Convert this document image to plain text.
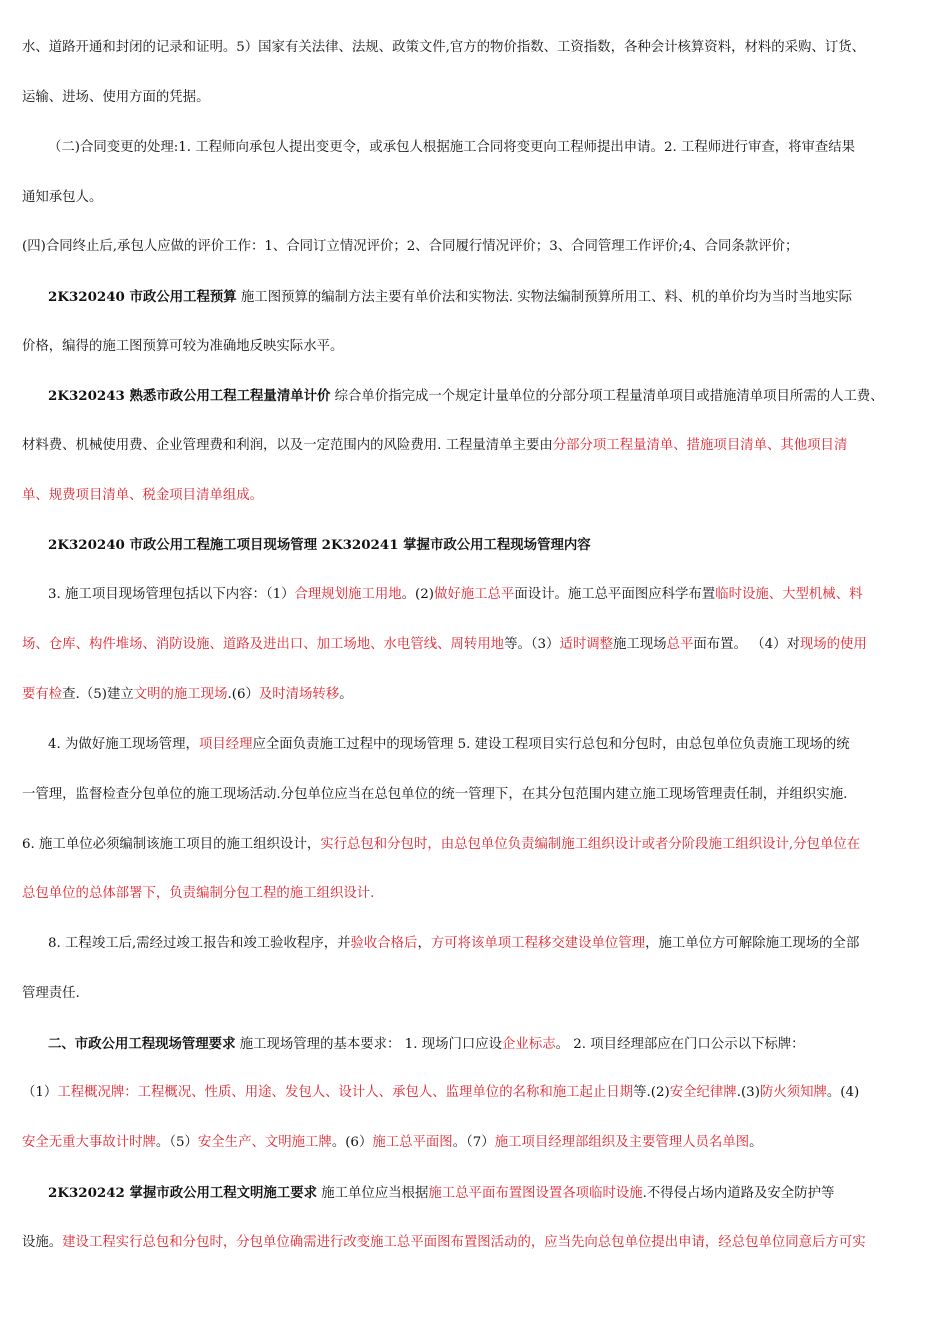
水、道路开通和封闭的记录和证明。5）国家有关法律、法规、政策文件,官方的物价指数、工资指数，各种会计核算资料，材料的采购、订货、
运输、进场、使用方面的凭据。
（二)合同变更的处理:1. 工程师向承包人提出变更令，或承包人根据施工合同将变更向工程师提出申请。2. 工程师进行审查，将审查结果
通知承包人。
(四)合同终止后,承包人应做的评价工作：1、合同订立情况评价；2、合同履行情况评价；3、合同管理工作评价;4、合同条款评价；
2K320240 市政公用工程预算 施工图预算的编制方法主要有单价法和实物法. 实物法编制预算所用工、料、机的单价均为当时当地实际
价格，编得的施工图预算可较为准确地反映实际水平。
2K320243 熟悉市政公用工程工程量清单计价 综合单价指完成一个规定计量单位的分部分项工程量清单项目或措施清单项目所需的人工费、
材料费、机械使用费、企业管理费和利润，以及一定范围内的风险费用. 工程量清单主要由分部分项工程量清单、措施项目清单、其他项目清
单、规费项目清单、税金项目清单组成。
2K320240 市政公用工程施工项目现场管理 2K320241 掌握市政公用工程现场管理内容
3. 施工项目现场管理包括以下内容：（1）合理规划施工用地。(2)做好施工总平面设计。施工总平面图应科学布置临时设施、大型机械、料
场、仓库、构件堆场、消防设施、道路及进出口、加工场地、水电管线、周转用地等。（3）适时调整施工现场总平面布置。 （4）对现场的使用
要有检查.（5)建立文明的施工现场.(6）及时清场转移。
4. 为做好施工现场管理，项目经理应全面负责施工过程中的现场管理 5. 建设工程项目实行总包和分包时，由总包单位负责施工现场的统
一管理，监督检查分包单位的施工现场活动.分包单位应当在总包单位的统一管理下，在其分包范围内建立施工现场管理责任制，并组织实施.
6. 施工单位必须编制该施工项目的施工组织设计，实行总包和分包时，由总包单位负责编制施工组织设计或者分阶段施工组织设计,分包单位在
总包单位的总体部署下，负责编制分包工程的施工组织设计.
8. 工程竣工后,需经过竣工报告和竣工验收程序，并验收合格后，方可将该单项工程移交建设单位管理，施工单位方可解除施工现场的全部
管理责任.
二、市政公用工程现场管理要求 施工现场管理的基本要求： 1. 现场门口应设企业标志。 2. 项目经理部应在门口公示以下标牌：
（1）工程概况牌：工程概况、性质、用途、发包人、设计人、承包人、监理单位的名称和施工起止日期等.(2)安全纪律牌.(3)防火须知牌。(4)
安全无重大事故计时牌。（5）安全生产、文明施工牌。(6）施工总平面图。（7）施工项目经理部组织及主要管理人员名单图。
2K320242 掌握市政公用工程文明施工要求 施工单位应当根据施工总平面布置图设置各项临时设施.不得侵占场内道路及安全防护等
设施。建设工程实行总包和分包时，分包单位确需进行改变施工总平面图布置图活动的，应当先向总包单位提出申请，经总包单位同意后方可实
